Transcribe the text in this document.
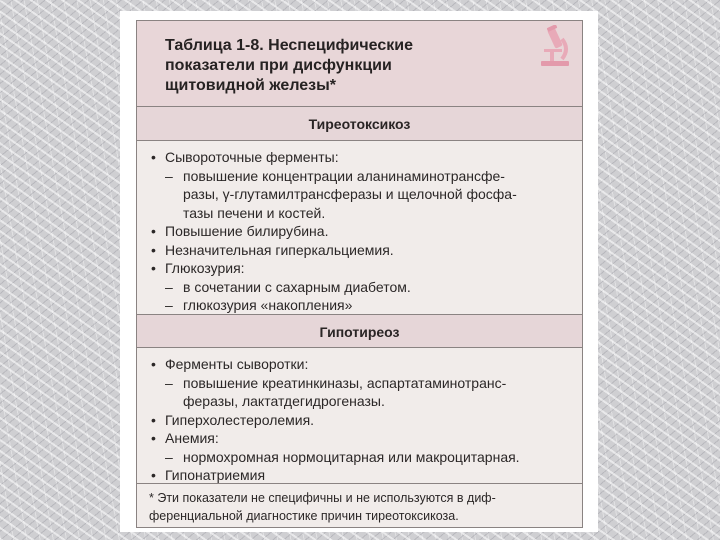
Таблица 1-8. Неспецифические
показатели при дисфункции
щитовидной железы*
Тиреотоксикоз
• Сывороточные ферменты:
– повышение концентрации аланинаминотрансфе-
разы, γ-глутамилтрансферазы и щелочной фосфа-
тазы печени и костей.
• Повышение билирубина.
• Незначительная гиперкальциемия.
• Глюкозурия:
– в сочетании с сахарным диабетом.
– глюкозурия «накопления»
Гипотиреоз
• Ферменты сыворотки:
– повышение креатинкиназы, аспартатаминотранс-
феразы, лактатдегидрогеназы.
• Гиперхолестеролемия.
• Анемия:
– нормохромная нормоцитарная или макроцитарная.
• Гипонатриемия
* Эти показатели не специфичны и не используются в диф-
ференциальной диагностике причин тиреотоксикоза.
